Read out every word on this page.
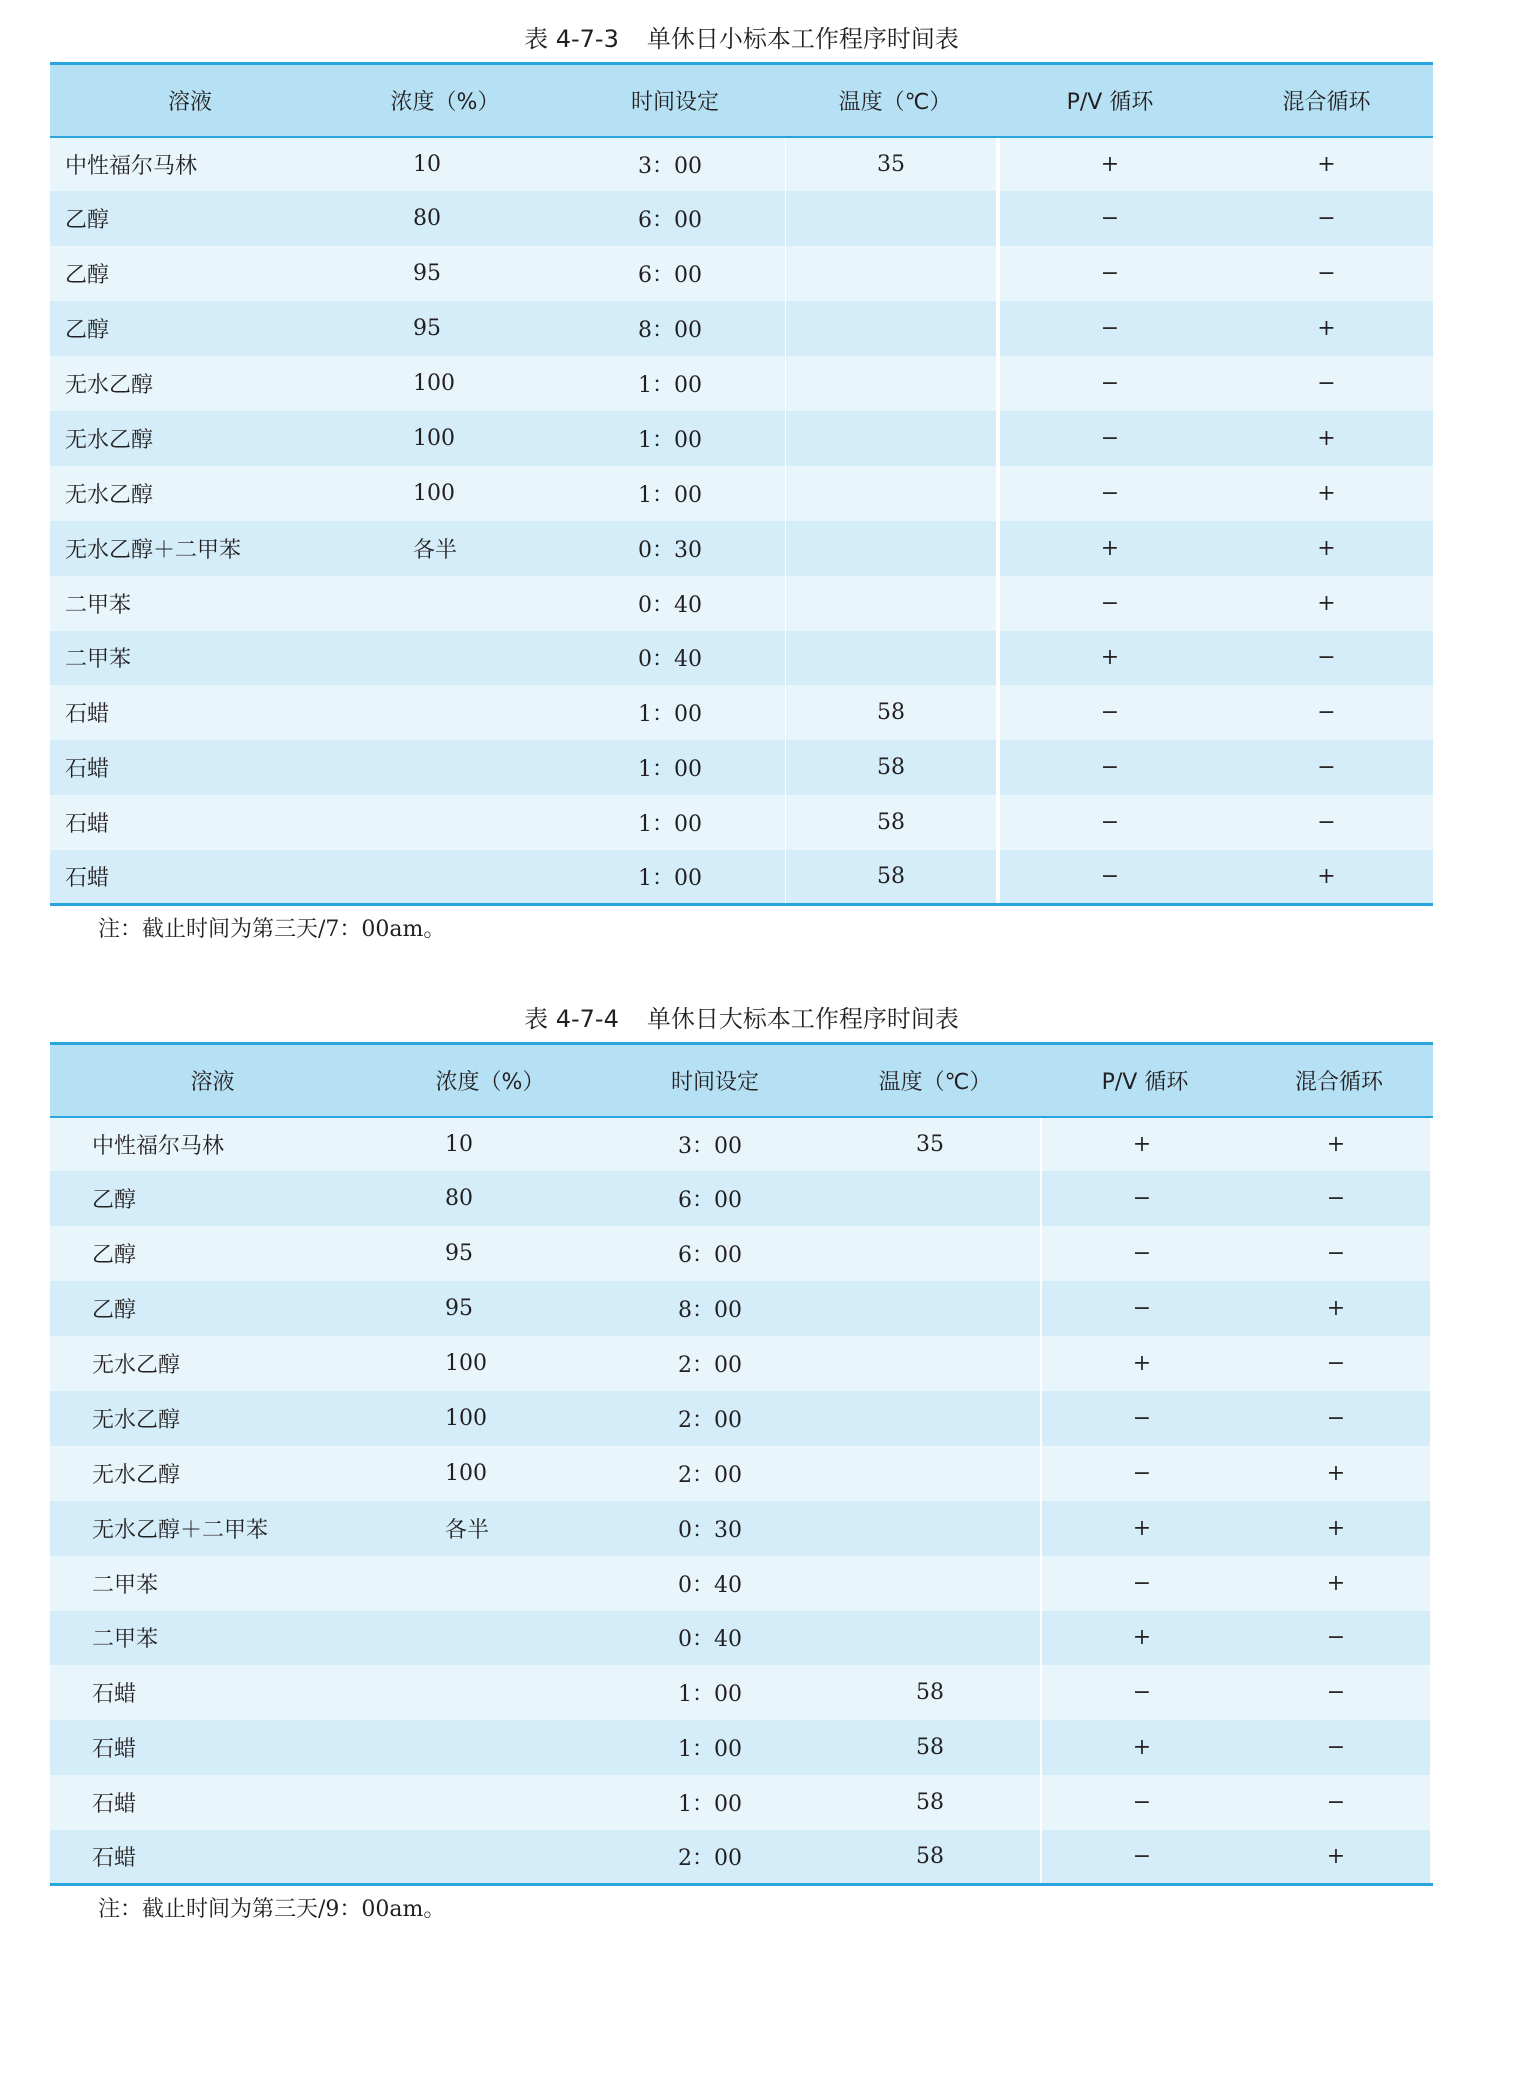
表 4-7-3 单休日小标本工作程序时间表
溶液	浓度（%）	时间设定	温度（℃）	P/V 循环	混合循环
中性福尔马林	10	3：00	35	+	+
乙醇	80	6：00		−	−
乙醇	95	6：00		−	−
乙醇	95	8：00		−	+
无水乙醇	100	1：00		−	−
无水乙醇	100	1：00		−	+
无水乙醇	100	1：00		−	+
无水乙醇＋二甲苯	各半	0：30		+	+
二甲苯		0：40		−	+
二甲苯		0：40		+	−
石蜡		1：00	58	−	−
石蜡		1：00	58	−	−
石蜡		1：00	58	−	−
石蜡		1：00	58	−	+
注：截止时间为第三天/7：00am。
表 4-7-4 单休日大标本工作程序时间表
溶液	浓度（%）	时间设定	温度（℃）	P/V 循环	混合循环
中性福尔马林	10	3：00	35	+	+
乙醇	80	6：00		−	−
乙醇	95	6：00		−	−
乙醇	95	8：00		−	+
无水乙醇	100	2：00		+	−
无水乙醇	100	2：00		−	−
无水乙醇	100	2：00		−	+
无水乙醇＋二甲苯	各半	0：30		+	+
二甲苯		0：40		−	+
二甲苯		0：40		+	−
石蜡		1：00	58	−	−
石蜡		1：00	58	+	−
石蜡		1：00	58	−	−
石蜡		2：00	58	−	+
注：截止时间为第三天/9：00am。
